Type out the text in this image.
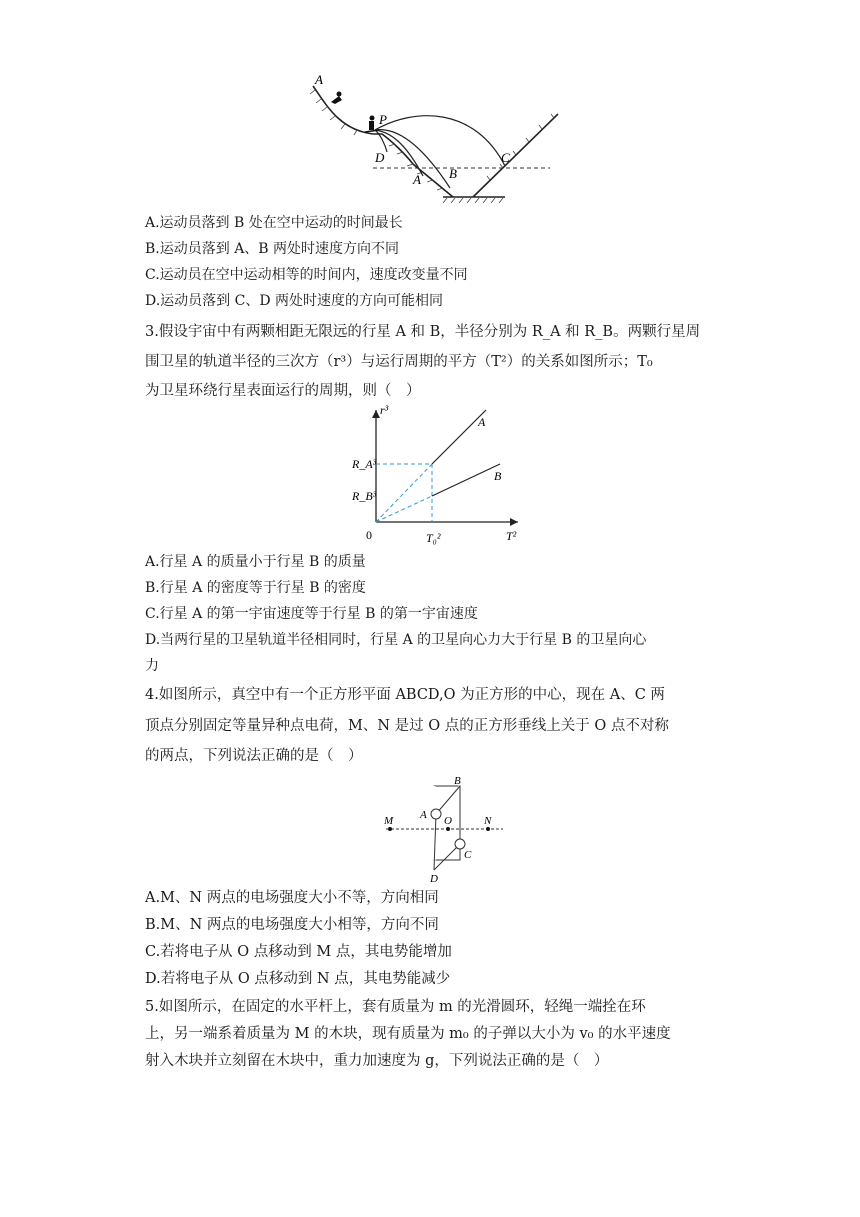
A
P
D
A B
C
A.运动员落到 B 处在空中运动的时间最长
B.运动员落到 A、B 两处时速度方向不同
C.运动员在空中运动相等的时间内，速度改变量不同
D.运动员落到 C、D 两处时速度的方向可能相同
3.假设宇宙中有两颗相距无限远的行星 A 和 B，半径分别为 R_A 和 R_B。两颗行星周
围卫星的轨道半径的三次方（r³）与运行周期的平方（T²）的关系如图所示；T₀
为卫星环绕行星表面运行的周期，则（　）
r³
T²
0
R_A³
R_B³
T₀²
A
B
A.行星 A 的质量小于行星 B 的质量
B.行星 A 的密度等于行星 B 的密度
C.行星 A 的第一宇宙速度等于行星 B 的第一宇宙速度
D.当两行星的卫星轨道半径相同时，行星 A 的卫星向心力大于行星 B 的卫星向心
力
4.如图所示，真空中有一个正方形平面 ABCD,O 为正方形的中心，现在 A、C 两
顶点分别固定等量异种点电荷，M、N 是过 O 点的正方形垂线上关于 O 点不对称
的两点，下列说法正确的是（　）
M A O	N
B
C
D
A.M、N 两点的电场强度大小不等，方向相同
B.M、N 两点的电场强度大小相等，方向不同
C.若将电子从 O 点移动到 M 点，其电势能增加
D.若将电子从 O 点移动到 N 点，其电势能减少
5.如图所示，在固定的水平杆上，套有质量为 m 的光滑圆环，轻绳一端拴在环
上，另一端系着质量为 M 的木块，现有质量为 m₀ 的子弹以大小为 v₀ 的水平速度
射入木块并立刻留在木块中，重力加速度为 g，下列说法正确的是（　）
